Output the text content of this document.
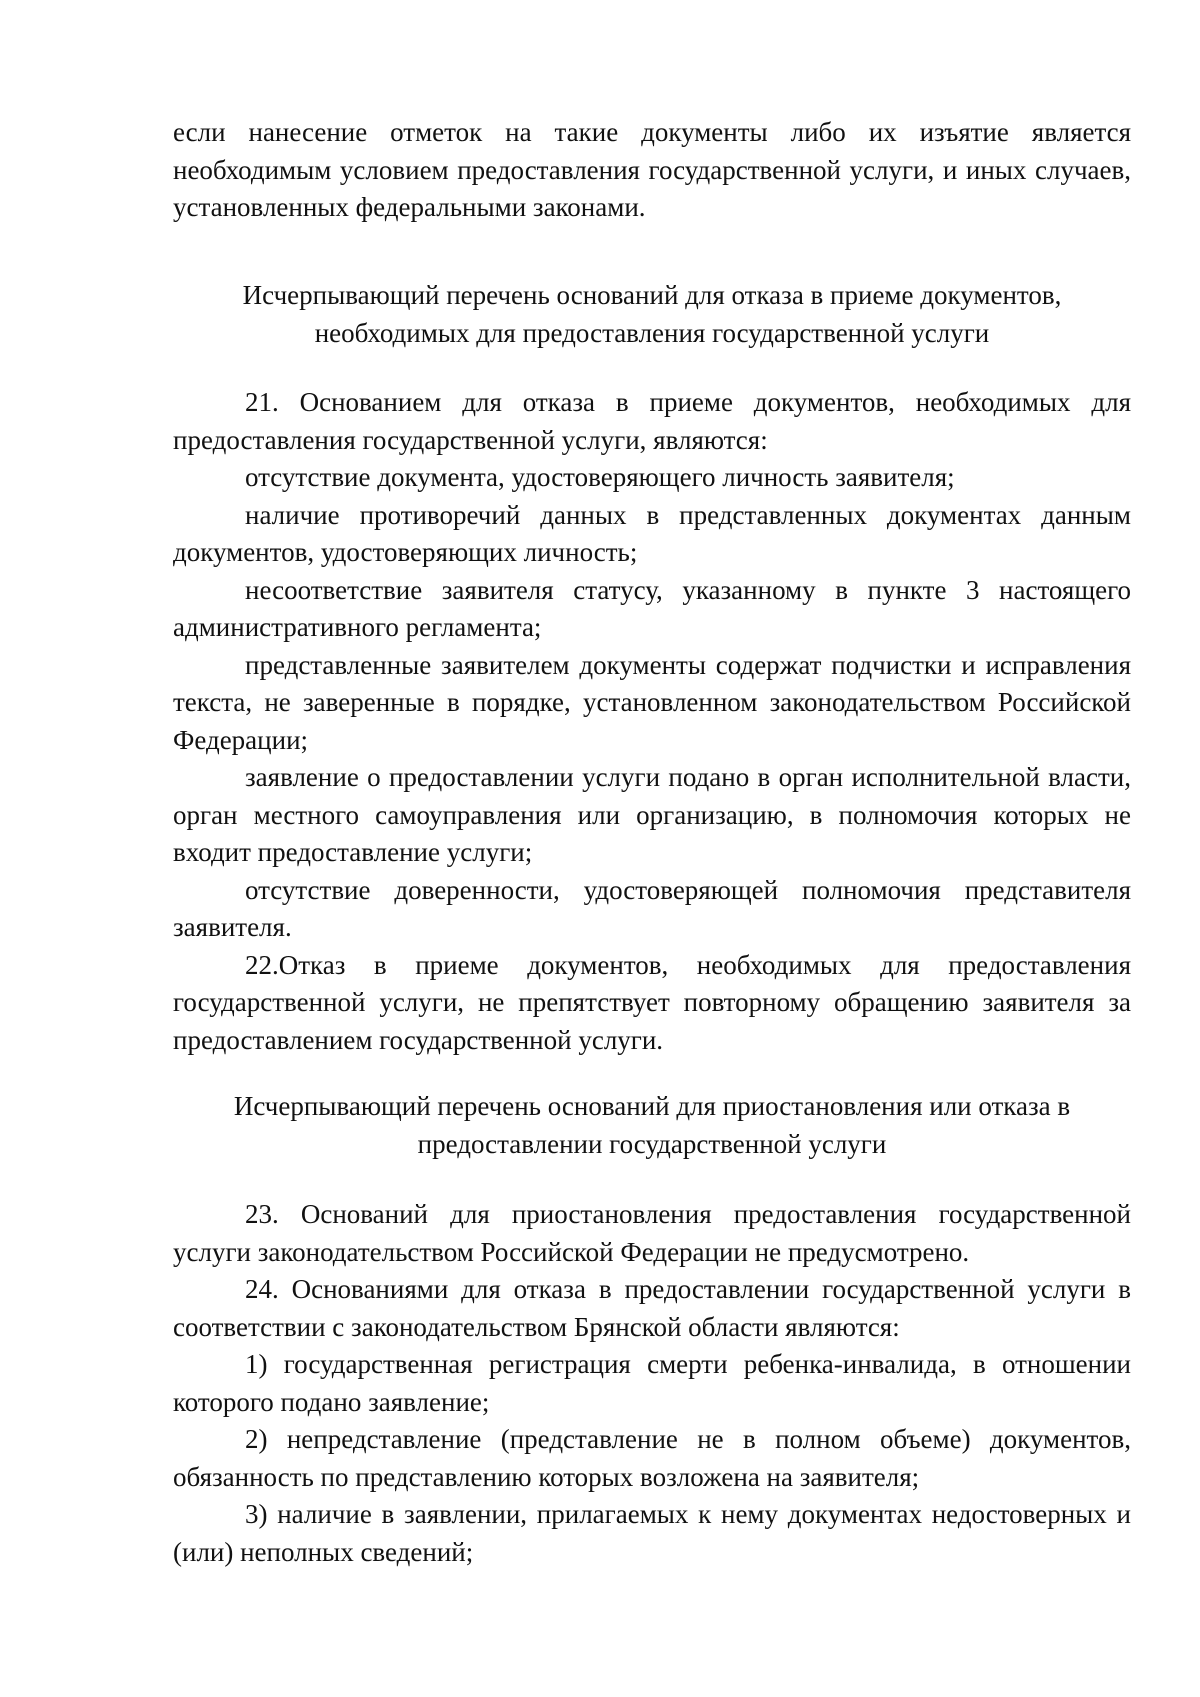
если нанесение отметок на такие документы либо их изъятие является необходимым условием предоставления государственной услуги, и иных случаев, установленных федеральными законами.

Исчерпывающий перечень оснований для отказа в приеме документов,

необходимых для предоставления государственной услуги

21. Основанием для отказа в приеме документов, необходимых для предоставления государственной услуги, являются:

отсутствие документа, удостоверяющего личность заявителя;

наличие противоречий данных в представленных документах данным документов, удостоверяющих личность;

несоответствие заявителя статусу, указанному в пункте 3 настоящего административного регламента;

представленные заявителем документы содержат подчистки и исправления текста, не заверенные в порядке, установленном законодательством Российской Федерации;

заявление о предоставлении услуги подано в орган исполнительной власти, орган местного самоуправления или организацию, в полномочия которых не входит предоставление услуги;

отсутствие доверенности, удостоверяющей полномочия представителя заявителя.

22.Отказ в приеме документов, необходимых для предоставления государственной услуги, не препятствует повторному обращению заявителя за предоставлением государственной услуги.

Исчерпывающий перечень оснований для приостановления или отказа в

предоставлении государственной услуги

23. Оснований для приостановления предоставления государственной услуги законодательством Российской Федерации не предусмотрено.

24. Основаниями для отказа в предоставлении государственной услуги в соответствии с законодательством Брянской области являются:

1) государственная регистрация смерти ребенка-инвалида, в отношении которого подано заявление;

2) непредставление (представление не в полном объеме) документов, обязанность по представлению которых возложена на заявителя;

3) наличие в заявлении, прилагаемых к нему документах недостоверных и (или) неполных сведений;
